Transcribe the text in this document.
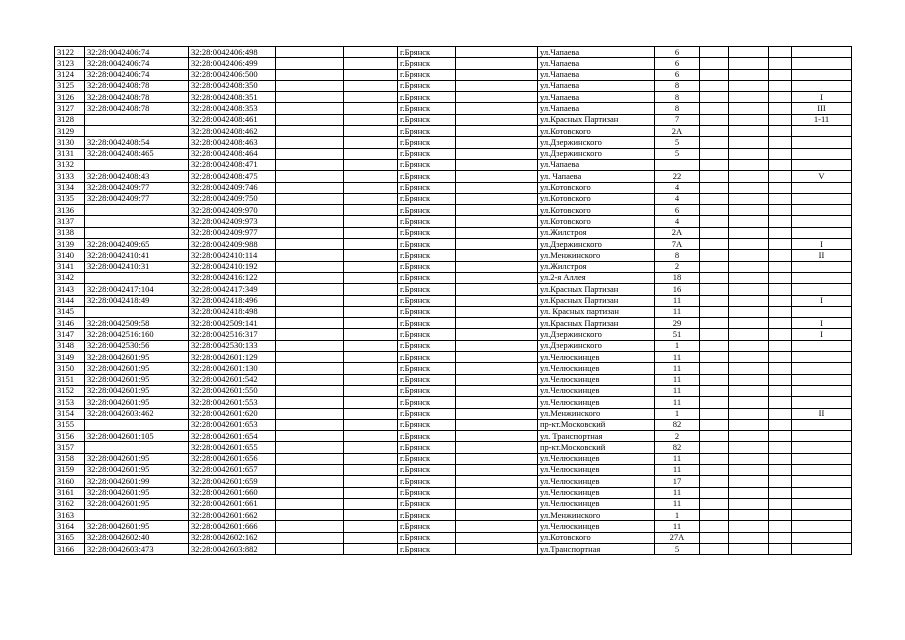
3122	32:28:0042406:74	32:28:0042406:498			г.Брянск		ул.Чапаева	6				
3123	32:28:0042406:74	32:28:0042406:499			г.Брянск		ул.Чапаева	6				
3124	32:28:0042406:74	32:28:0042406:500			г.Брянск		ул.Чапаева	6				
3125	32:28:0042408:78	32:28:0042408:350			г.Брянск		ул.Чапаева	8				
3126	32:28:0042408:78	32:28:0042408:351			г.Брянск		ул.Чапаева	8				I
3127	32:28:0042408:78	32:28:0042408:353			г.Брянск		ул.Чапаева	8				III
3128		32:28:0042408:461			г.Брянск		ул.Красных Партизан	7				1-11
3129		32:28:0042408:462			г.Брянск		ул.Котовского	2А				
3130	32:28:0042408:54	32:28:0042408:463			г.Брянск		ул.Дзержинского	5				
3131	32:28:0042408:465	32:28:0042408:464			г.Брянск		ул.Дзержинского	5				
3132		32:28:0042408:471			г.Брянск		ул.Чапаева					
3133	32:28:0042408:43	32:28:0042408:475			г.Брянск		ул. Чапаева	22				V
3134	32:28:0042409:77	32:28:0042409:746			г.Брянск		ул.Котовского	4				
3135	32:28:0042409:77	32:28:0042409:750			г.Брянск		ул.Котовского	4				
3136		32:28:0042409:970			г.Брянск		ул.Котовского	6				
3137		32:28:0042409:973			г.Брянск		ул.Котовского	4				
3138		32:28:0042409:977			г.Брянск		ул.Жилстроя	2А				
3139	32:28:0042409:65	32:28:0042409:988			г.Брянск		ул.Дзержинского	7А				I
3140	32:28:0042410:41	32:28:0042410:114			г.Брянск		ул.Менжинского	8				II
3141	32:28:0042410:31	32:28:0042410:192			г.Брянск		ул.Жилстроя	2				
3142		32:28:0042416:122			г.Брянск		ул.2-я Аллея	18				
3143	32:28:0042417:104	32:28:0042417:349			г.Брянск		ул.Красных Партизан	16				
3144	32:28:0042418:49	32:28:0042418:496			г.Брянск		ул.Красных Партизан	11				I
3145		32:28:0042418:498			г.Брянск		ул. Красных партизан	11				
3146	32:28:0042509:58	32:28:0042509:141			г.Брянск		ул.Красных Партизан	29				I
3147	32:28:0042516:160	32:28:0042516:317			г.Брянск		ул.Дзержинского	51				I
3148	32:28:0042530:56	32:28:0042530:133			г.Брянск		ул.Дзержинского	1				
3149	32:28:0042601:95	32:28:0042601:129			г.Брянск		ул.Челюскинцев	11				
3150	32:28:0042601:95	32:28:0042601:130			г.Брянск		ул.Челюскинцев	11				
3151	32:28:0042601:95	32:28:0042601:542			г.Брянск		ул.Челюскинцев	11				
3152	32:28:0042601:95	32:28:0042601:550			г.Брянск		ул.Челюскинцев	11				
3153	32:28:0042601:95	32:28:0042601:553			г.Брянск		ул.Челюскинцев	11				
3154	32:28:0042603:462	32:28:0042601:620			г.Брянск		ул.Менжинского	1				II
3155		32:28:0042601:653			г.Брянск		пр-кт.Московский	82				
3156	32:28:0042601:105	32:28:0042601:654			г.Брянск		ул. Транспортная	2				
3157		32:28:0042601:655			г.Брянск		пр-кт.Московский	82				
3158	32:28:0042601:95	32:28:0042601:656			г.Брянск		ул.Челюскинцев	11				
3159	32:28:0042601:95	32:28:0042601:657			г.Брянск		ул.Челюскинцев	11				
3160	32:28:0042601:99	32:28:0042601:659			г.Брянск		ул.Челюскинцев	17				
3161	32:28:0042601:95	32:28:0042601:660			г.Брянск		ул.Челюскинцев	11				
3162	32:28:0042601:95	32:28:0042601:661			г.Брянск		ул.Челюскинцев	11				
3163		32:28:0042601:662			г.Брянск		ул.Менжинского	1				
3164	32:28:0042601:95	32:28:0042601:666			г.Брянск		ул.Челюскинцев	11				
3165	32:28:0042602:40	32:28:0042602:162			г.Брянск		ул.Котовского	27А				
3166	32:28:0042603:473	32:28:0042603:882			г.Брянск		ул.Транспортная	5				
